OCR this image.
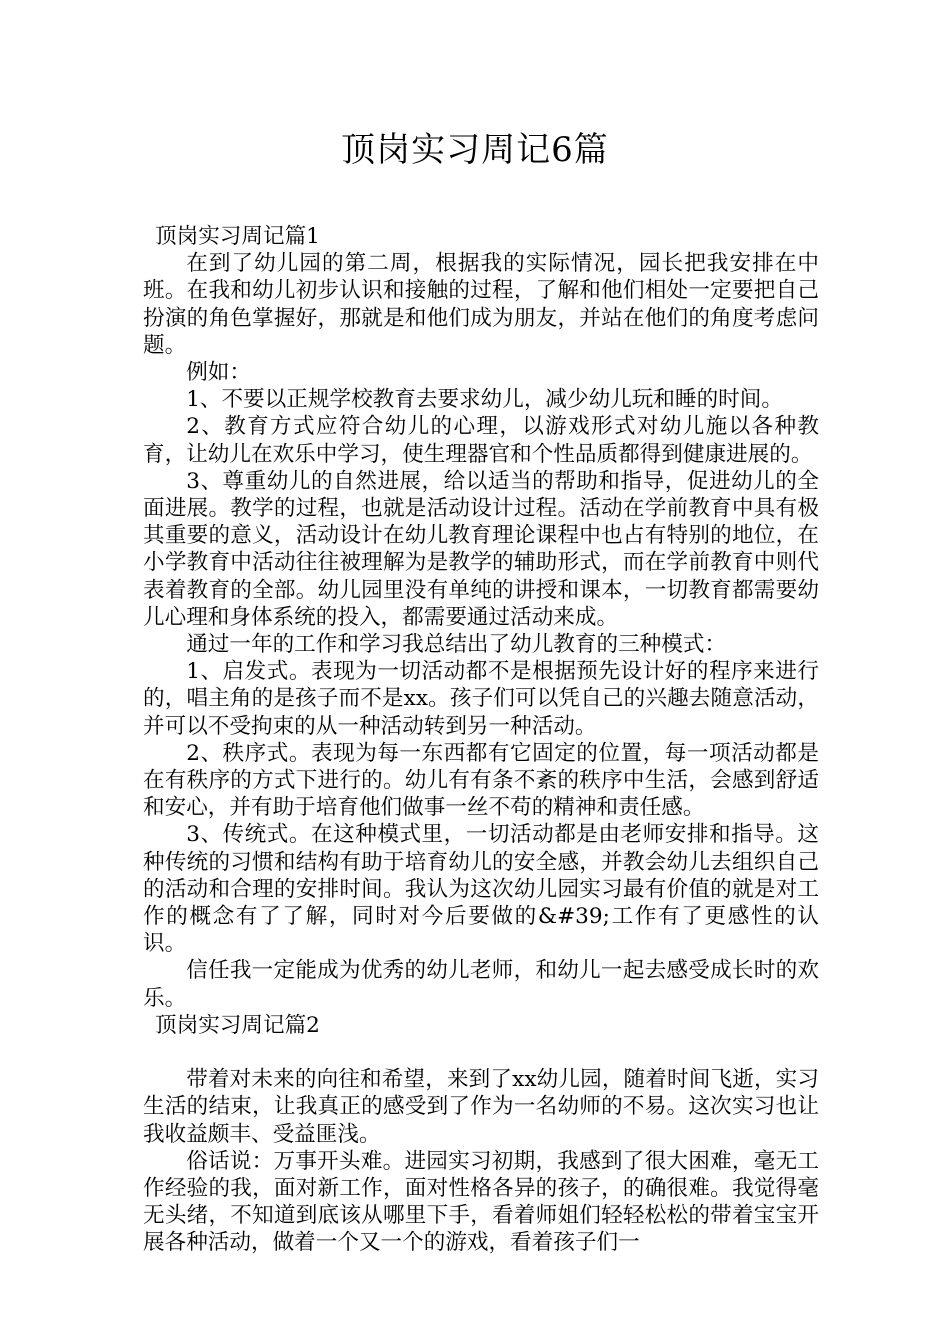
顶岗实习周记6篇

顶岗实习周记篇1

在到了幼儿园的第二周，根据我的实际情况，园长把我安排在中班。在我和幼儿初步认识和接触的过程，了解和他们相处一定要把自己扮演的角色掌握好，那就是和他们成为朋友，并站在他们的角度考虑问题。

例如：

1、不要以正规学校教育去要求幼儿，减少幼儿玩和睡的时间。

2、教育方式应符合幼儿的心理，以游戏形式对幼儿施以各种教育，让幼儿在欢乐中学习，使生理器官和个性品质都得到健康进展的。

3、尊重幼儿的自然进展，给以适当的帮助和指导，促进幼儿的全面进展。教学的过程，也就是活动设计过程。活动在学前教育中具有极其重要的意义，活动设计在幼儿教育理论课程中也占有特别的地位，在小学教育中活动往往被理解为是教学的辅助形式，而在学前教育中则代表着教育的全部。幼儿园里没有单纯的讲授和课本，一切教育都需要幼儿心理和身体系统的投入，都需要通过活动来成。

通过一年的工作和学习我总结出了幼儿教育的三种模式：

1、启发式。表现为一切活动都不是根据预先设计好的程序来进行的，唱主角的是孩子而不是xx。孩子们可以凭自己的兴趣去随意活动，并可以不受拘束的从一种活动转到另一种活动。

2、秩序式。表现为每一东西都有它固定的位置，每一项活动都是在有秩序的方式下进行的。幼儿有有条不紊的秩序中生活，会感到舒适和安心，并有助于培育他们做事一丝不苟的精神和责任感。

3、传统式。在这种模式里，一切活动都是由老师安排和指导。这种传统的习惯和结构有助于培育幼儿的安全感，并教会幼儿去组织自己的活动和合理的安排时间。我认为这次幼儿园实习最有价值的就是对工作的概念有了了解，同时对今后要做的&#39;工作有了更感性的认识。

信任我一定能成为优秀的幼儿老师，和幼儿一起去感受成长时的欢乐。

顶岗实习周记篇2

带着对未来的向往和希望，来到了xx幼儿园，随着时间飞逝，实习生活的结束，让我真正的感受到了作为一名幼师的不易。这次实习也让我收益颇丰、受益匪浅。

俗话说：万事开头难。进园实习初期，我感到了很大困难，毫无工作经验的我，面对新工作，面对性格各异的孩子，的确很难。我觉得毫无头绪，不知道到底该从哪里下手，看着师姐们轻轻松松的带着宝宝开展各种活动，做着一个又一个的游戏，看着孩子们一
